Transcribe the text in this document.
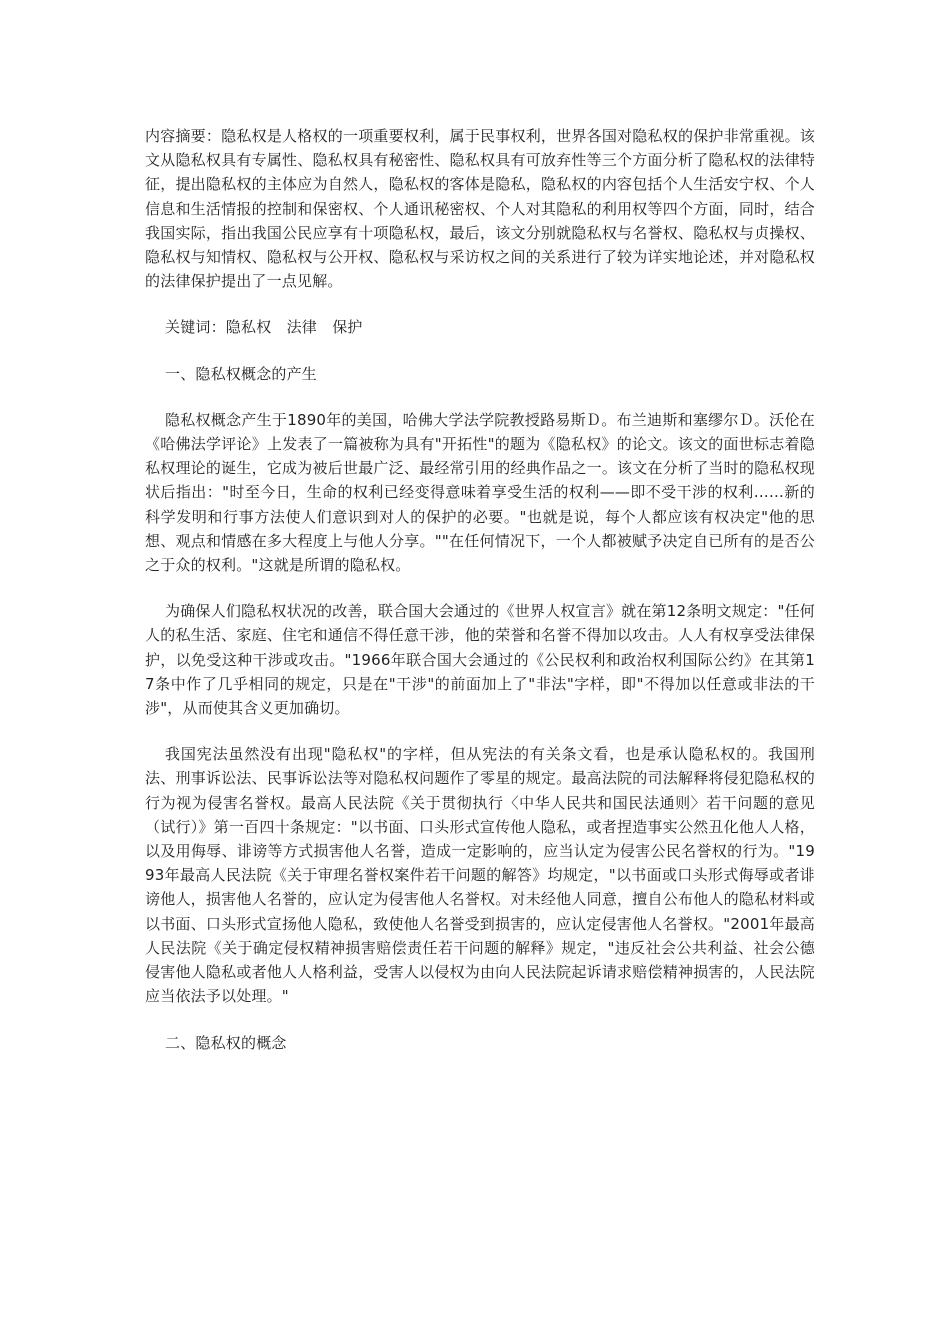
内容摘要：隐私权是人格权的一项重要权利，属于民事权利，世界各国对隐私权的保护非常重视。该文从隐私权具有专属性、隐私权具有秘密性、隐私权具有可放弃性等三个方面分析了隐私权的法律特征，提出隐私权的主体应为自然人，隐私权的客体是隐私，隐私权的内容包括个人生活安宁权、个人信息和生活情报的控制和保密权、个人通讯秘密权、个人对其隐私的利用权等四个方面，同时，结合我国实际，指出我国公民应享有十项隐私权，最后，该文分别就隐私权与名誉权、隐私权与贞操权、隐私权与知情权、隐私权与公开权、隐私权与采访权之间的关系进行了较为详实地论述，并对隐私权的法律保护提出了一点见解。

关键词：隐私权　法律　保护

一、隐私权概念的产生

隐私权概念产生于1890年的美国，哈佛大学法学院教授路易斯Ｄ。布兰迪斯和塞缪尔Ｄ。沃伦在《哈佛法学评论》上发表了一篇被称为具有"开拓性"的题为《隐私权》的论文。该文的面世标志着隐私权理论的诞生，它成为被后世最广泛、最经常引用的经典作品之一。该文在分析了当时的隐私权现状后指出："时至今日，生命的权利已经变得意味着享受生活的权利——即不受干涉的权利……新的科学发明和行事方法使人们意识到对人的保护的必要。"也就是说，每个人都应该有权决定"他的思想、观点和情感在多大程度上与他人分享。""在任何情况下，一个人都被赋予决定自已所有的是否公之于众的权利。"这就是所谓的隐私权。

为确保人们隐私权状况的改善，联合国大会通过的《世界人权宣言》就在第12条明文规定："任何人的私生活、家庭、住宅和通信不得任意干涉，他的荣誉和名誉不得加以攻击。人人有权享受法律保护，以免受这种干涉或攻击。"1966年联合国大会通过的《公民权利和政治权利国际公约》在其第17条中作了几乎相同的规定，只是在"干涉"的前面加上了"非法"字样，即"不得加以任意或非法的干涉"，从而使其含义更加确切。

我国宪法虽然没有出现"隐私权"的字样，但从宪法的有关条文看，也是承认隐私权的。我国刑法、刑事诉讼法、民事诉讼法等对隐私权问题作了零星的规定。最高法院的司法解释将侵犯隐私权的行为视为侵害名誉权。最高人民法院《关于贯彻执行〈中华人民共和国民法通则〉若干问题的意见（试行）》第一百四十条规定："以书面、口头形式宣传他人隐私，或者捏造事实公然丑化他人人格，以及用侮辱、诽谤等方式损害他人名誉，造成一定影响的，应当认定为侵害公民名誉权的行为。"1993年最高人民法院《关于审理名誉权案件若干问题的解答》均规定，"以书面或口头形式侮辱或者诽谤他人，损害他人名誉的，应认定为侵害他人名誉权。对未经他人同意，擅自公布他人的隐私材料或以书面、口头形式宣扬他人隐私，致使他人名誉受到损害的，应认定侵害他人名誉权。"2001年最高人民法院《关于确定侵权精神损害赔偿责任若干问题的解释》规定，"违反社会公共利益、社会公德侵害他人隐私或者他人人格利益，受害人以侵权为由向人民法院起诉请求赔偿精神损害的，人民法院应当依法予以处理。"

二、隐私权的概念
